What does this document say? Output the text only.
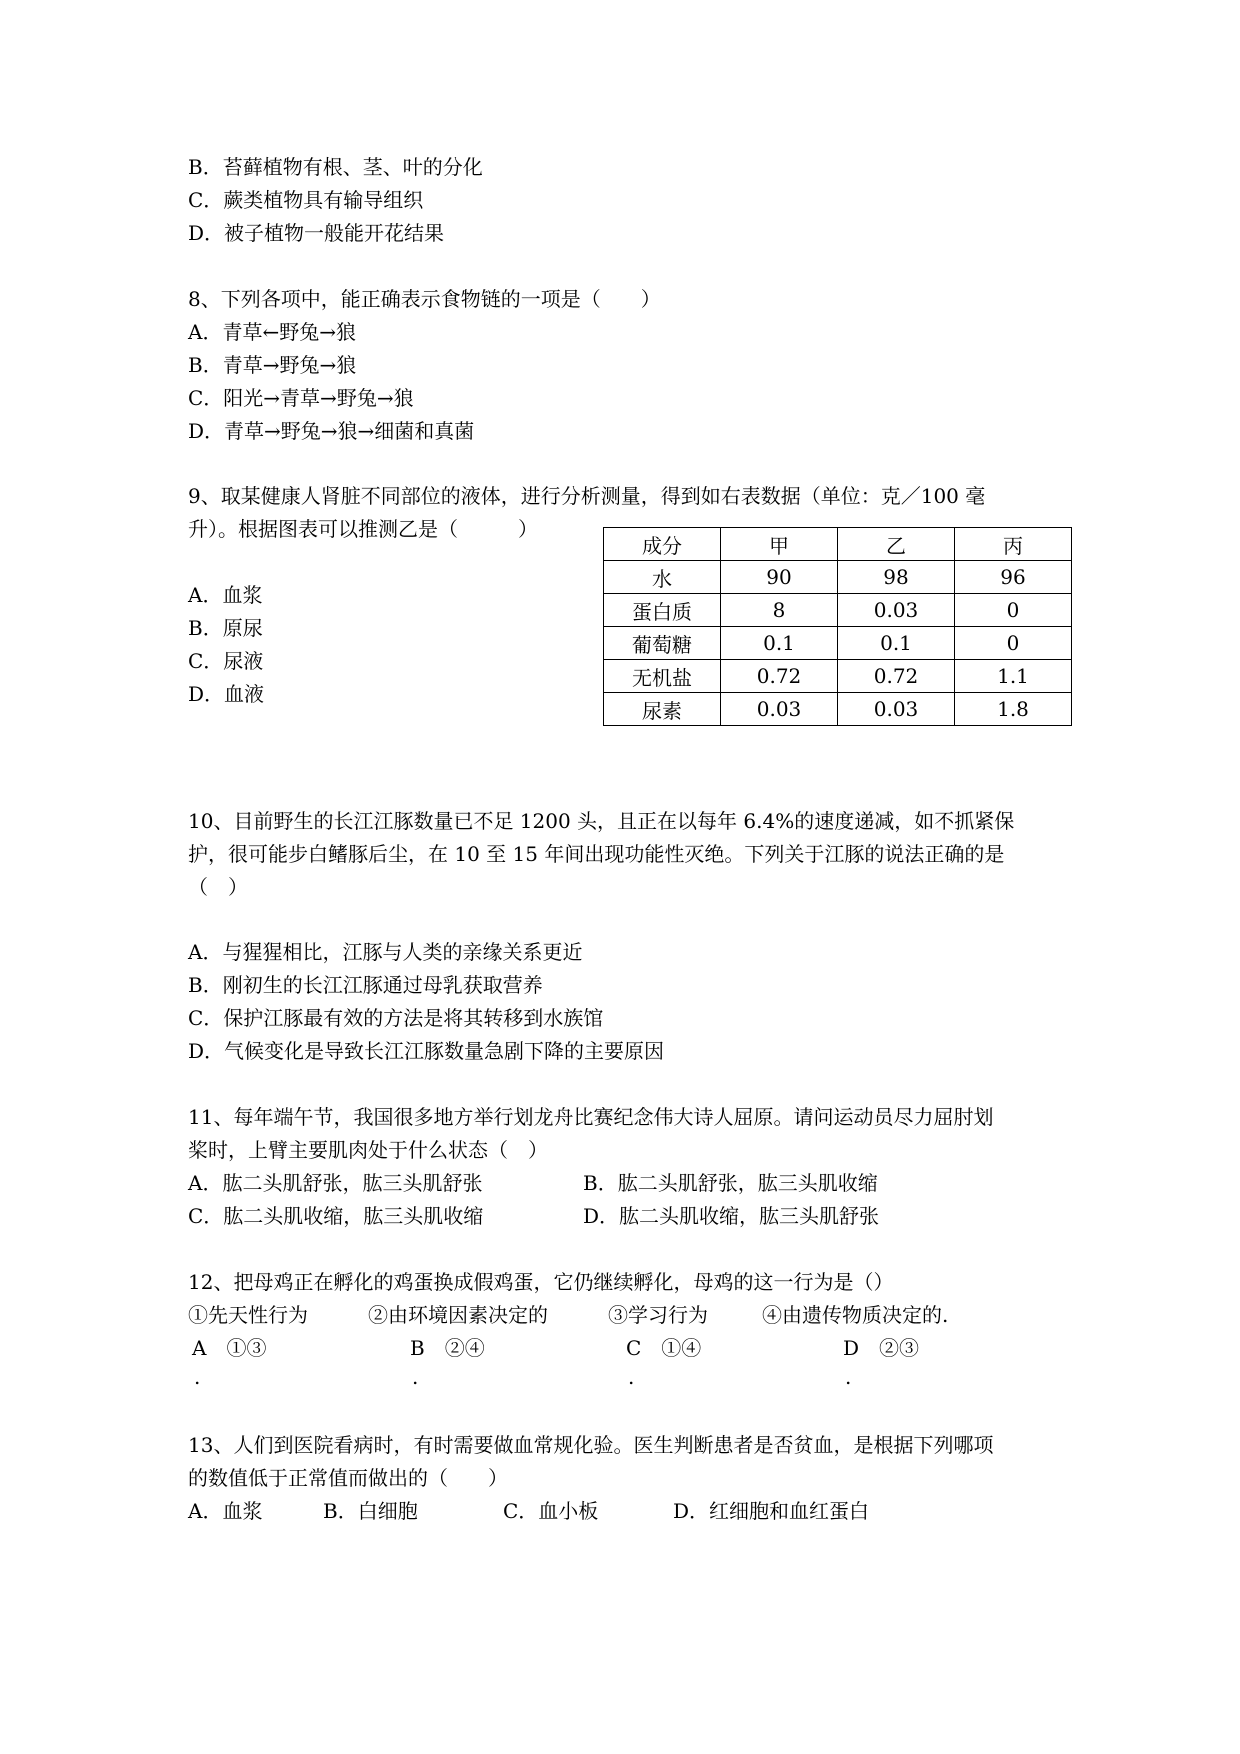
B．苔藓植物有根、茎、叶的分化
C．蕨类植物具有输导组织
D．被子植物一般能开花结果
8、下列各项中，能正确表示食物链的一项是（　　）
A．青草←野兔→狼
B．青草→野兔→狼
C．阳光→青草→野兔→狼
D．青草→野兔→狼→细菌和真菌
9、取某健康人肾脏不同部位的液体，进行分析测量，得到如右表数据（单位：克／100 毫
升）。根据图表可以推测乙是（　　　）
A．血浆
B．原尿
C．尿液
D．血液
成分	甲	乙	丙
水	90	98	96
蛋白质	8	0.03	0
葡萄糖	0.1	0.1	0
无机盐	0.72	0.72	1.1
尿素	0.03	0.03	1.8
10、目前野生的长江江豚数量已不足 1200 头，且正在以每年 6.4%的速度递减，如不抓紧保
护，很可能步白鳍豚后尘，在 10 至 15 年间出现功能性灭绝。下列关于江豚的说法正确的是
（　）
A．与猩猩相比，江豚与人类的亲缘关系更近
B．刚初生的长江江豚通过母乳获取营养
C．保护江豚最有效的方法是将其转移到水族馆
D．气候变化是导致长江江豚数量急剧下降的主要原因
11、每年端午节，我国很多地方举行划龙舟比赛纪念伟大诗人屈原。请问运动员尽力屈肘划
桨时，上臂主要肌肉处于什么状态（　）
A．肱二头肌舒张，肱三头肌舒张	B．肱二头肌舒张，肱三头肌收缩
C．肱二头肌收缩，肱三头肌收缩	D．肱二头肌收缩，肱三头肌舒张
12、把母鸡正在孵化的鸡蛋换成假鸡蛋，它仍继续孵化，母鸡的这一行为是（）
①先天性行为	②由环境因素决定的	③学习行为	④由遗传物质决定的.
A　①③	B　②④	C　①④	D　②③
.	.	.	.
13、人们到医院看病时，有时需要做血常规化验。医生判断患者是否贫血，是根据下列哪项
的数值低于正常值而做出的（　　）
A．血浆	B．白细胞	C．血小板	D．红细胞和血红蛋白
